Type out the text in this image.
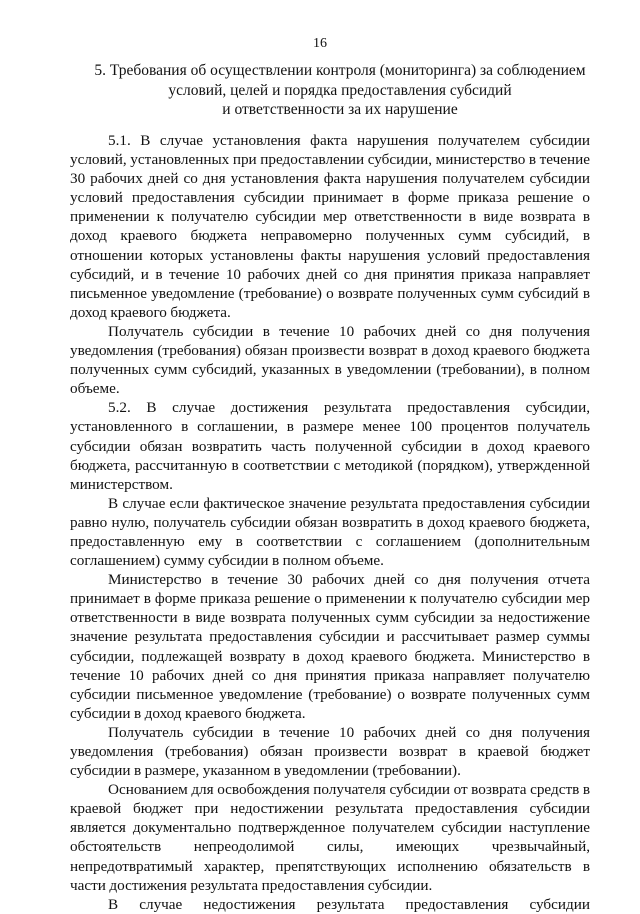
16
5. Требования об осуществлении контроля (мониторинга) за соблюдением
условий, целей и порядка предоставления субсидий
и ответственности за их нарушение

5.1. В случае установления факта нарушения получателем субсидии условий, установленных при предоставлении субсидии, министерство в течение 30 рабочих дней со дня установления факта нарушения получателем субсидии условий предоставления субсидии принимает в форме приказа решение о применении к получателю субсидии мер ответственности в виде возврата в доход краевого бюджета неправомерно полученных сумм субсидий, в отношении которых установлены факты нарушения условий предоставления субсидий, и в течение 10 рабочих дней со дня принятия приказа направляет письменное уведомление (требование) о возврате полученных сумм субсидий в доход краевого бюджета.

Получатель субсидии в течение 10 рабочих дней со дня получения уведомления (требования) обязан произвести возврат в доход краевого бюджета полученных сумм субсидий, указанных в уведомлении (требовании), в полном объеме.

5.2. В случае достижения результата предоставления субсидии, установленного в соглашении, в размере менее 100 процентов получатель субсидии обязан возвратить часть полученной субсидии в доход краевого бюджета, рассчитанную в соответствии с методикой (порядком), утвержденной министерством.

В случае если фактическое значение результата предоставления субсидии равно нулю, получатель субсидии обязан возвратить в доход краевого бюджета, предоставленную ему в соответствии с соглашением (дополнительным соглашением) сумму субсидии в полном объеме.

Министерство в течение 30 рабочих дней со дня получения отчета принимает в форме приказа решение о применении к получателю субсидии мер ответственности в виде возврата полученных сумм субсидии за недостижение значение результата предоставления субсидии и рассчитывает размер суммы субсидии, подлежащей возврату в доход краевого бюджета. Министерство в течение 10 рабочих дней со дня принятия приказа направляет получателю субсидии письменное уведомление (требование) о возврате полученных сумм субсидии в доход краевого бюджета.

Получатель субсидии в течение 10 рабочих дней со дня получения уведомления (требования) обязан произвести возврат в краевой бюджет субсидии в размере, указанном в уведомлении (требовании).

Основанием для освобождения получателя субсидии от возврата средств в краевой бюджет при недостижении результата предоставления субсидии является документально подтвержденное получателем субсидии наступление обстоятельств непреодолимой силы, имеющих чрезвычайный, непредотвратимый характер, препятствующих исполнению обязательств в части достижения результата предоставления субсидии.

В случае недостижения результата предоставления субсидии
